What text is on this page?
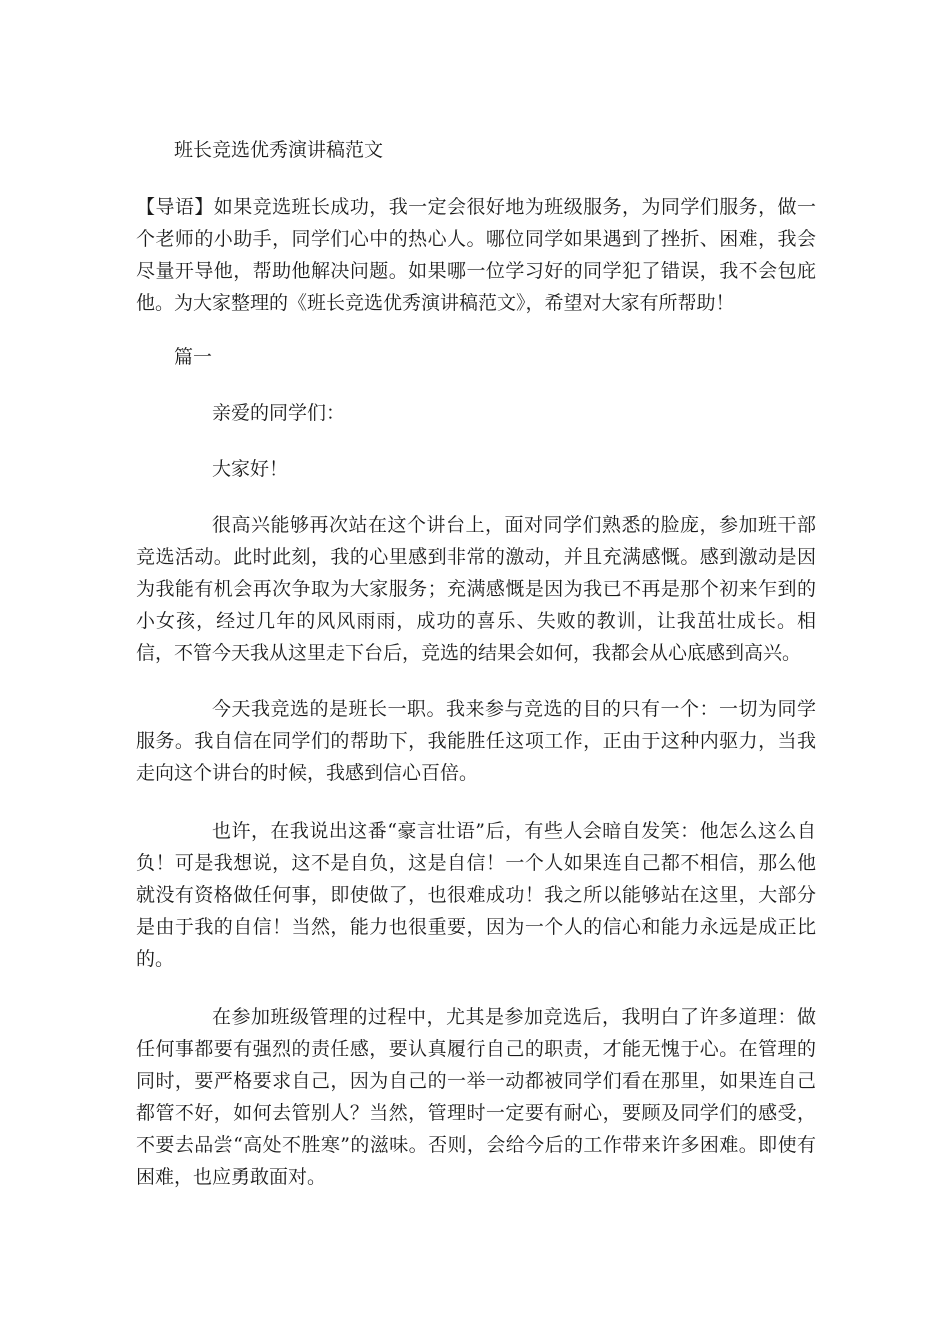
班长竞选优秀演讲稿范文
【导语】如果竞选班长成功，我一定会很好地为班级服务，为同学们服务，做一个老师的小助手，同学们心中的热心人。哪位同学如果遇到了挫折、困难，我会尽量开导他，帮助他解决问题。如果哪一位学习好的同学犯了错误，我不会包庇他。为大家整理的《班长竞选优秀演讲稿范文》，希望对大家有所帮助！
篇一
亲爱的同学们：
大家好！
很高兴能够再次站在这个讲台上，面对同学们熟悉的脸庞，参加班干部竞选活动。此时此刻，我的心里感到非常的激动，并且充满感慨。感到激动是因为我能有机会再次争取为大家服务；充满感慨是因为我已不再是那个初来乍到的小女孩，经过几年的风风雨雨，成功的喜乐、失败的教训，让我茁壮成长。相信，不管今天我从这里走下台后，竞选的结果会如何，我都会从心底感到高兴。
今天我竞选的是班长一职。我来参与竞选的目的只有一个：一切为同学服务。我自信在同学们的帮助下，我能胜任这项工作，正由于这种内驱力，当我走向这个讲台的时候，我感到信心百倍。
也许，在我说出这番“豪言壮语”后，有些人会暗自发笑：他怎么这么自负！可是我想说，这不是自负，这是自信！一个人如果连自己都不相信，那么他就没有资格做任何事，即使做了，也很难成功！我之所以能够站在这里，大部分是由于我的自信！当然，能力也很重要，因为一个人的信心和能力永远是成正比的。
在参加班级管理的过程中，尤其是参加竞选后，我明白了许多道理：做任何事都要有强烈的责任感，要认真履行自己的职责，才能无愧于心。在管理的同时，要严格要求自己，因为自己的一举一动都被同学们看在那里，如果连自己都管不好，如何去管别人？当然，管理时一定要有耐心，要顾及同学们的感受，不要去品尝“高处不胜寒”的滋味。否则，会给今后的工作带来许多困难。即使有困难，也应勇敢面对。
